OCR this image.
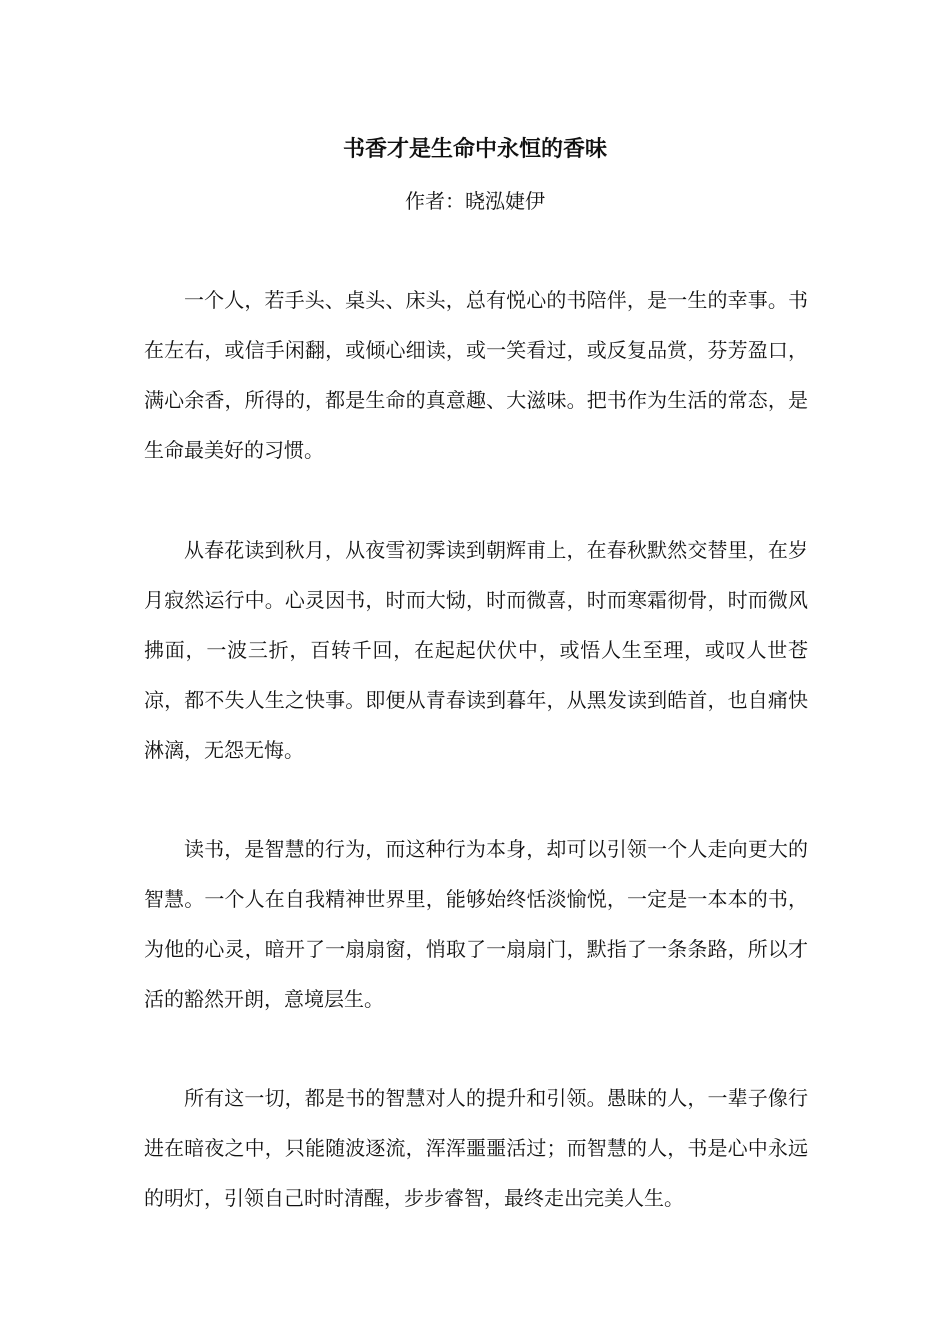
书香才是生命中永恒的香味
作者：晓泓婕伊

一个人，若手头、桌头、床头，总有悦心的书陪伴，是一生的幸事。书在左右，或信手闲翻，或倾心细读，或一笑看过，或反复品赏，芬芳盈口，满心余香，所得的，都是生命的真意趣、大滋味。把书作为生活的常态，是生命最美好的习惯。

从春花读到秋月，从夜雪初霁读到朝辉甫上，在春秋默然交替里，在岁月寂然运行中。心灵因书，时而大恸，时而微喜，时而寒霜彻骨，时而微风拂面，一波三折，百转千回，在起起伏伏中，或悟人生至理，或叹人世苍凉，都不失人生之快事。即便从青春读到暮年，从黑发读到皓首，也自痛快淋漓，无怨无悔。

读书，是智慧的行为，而这种行为本身，却可以引领一个人走向更大的智慧。一个人在自我精神世界里，能够始终恬淡愉悦，一定是一本本的书，为他的心灵，暗开了一扇扇窗，悄取了一扇扇门，默指了一条条路，所以才活的豁然开朗，意境层生。

所有这一切，都是书的智慧对人的提升和引领。愚昧的人，一辈子像行进在暗夜之中，只能随波逐流，浑浑噩噩活过；而智慧的人，书是心中永远的明灯，引领自己时时清醒，步步睿智，最终走出完美人生。
